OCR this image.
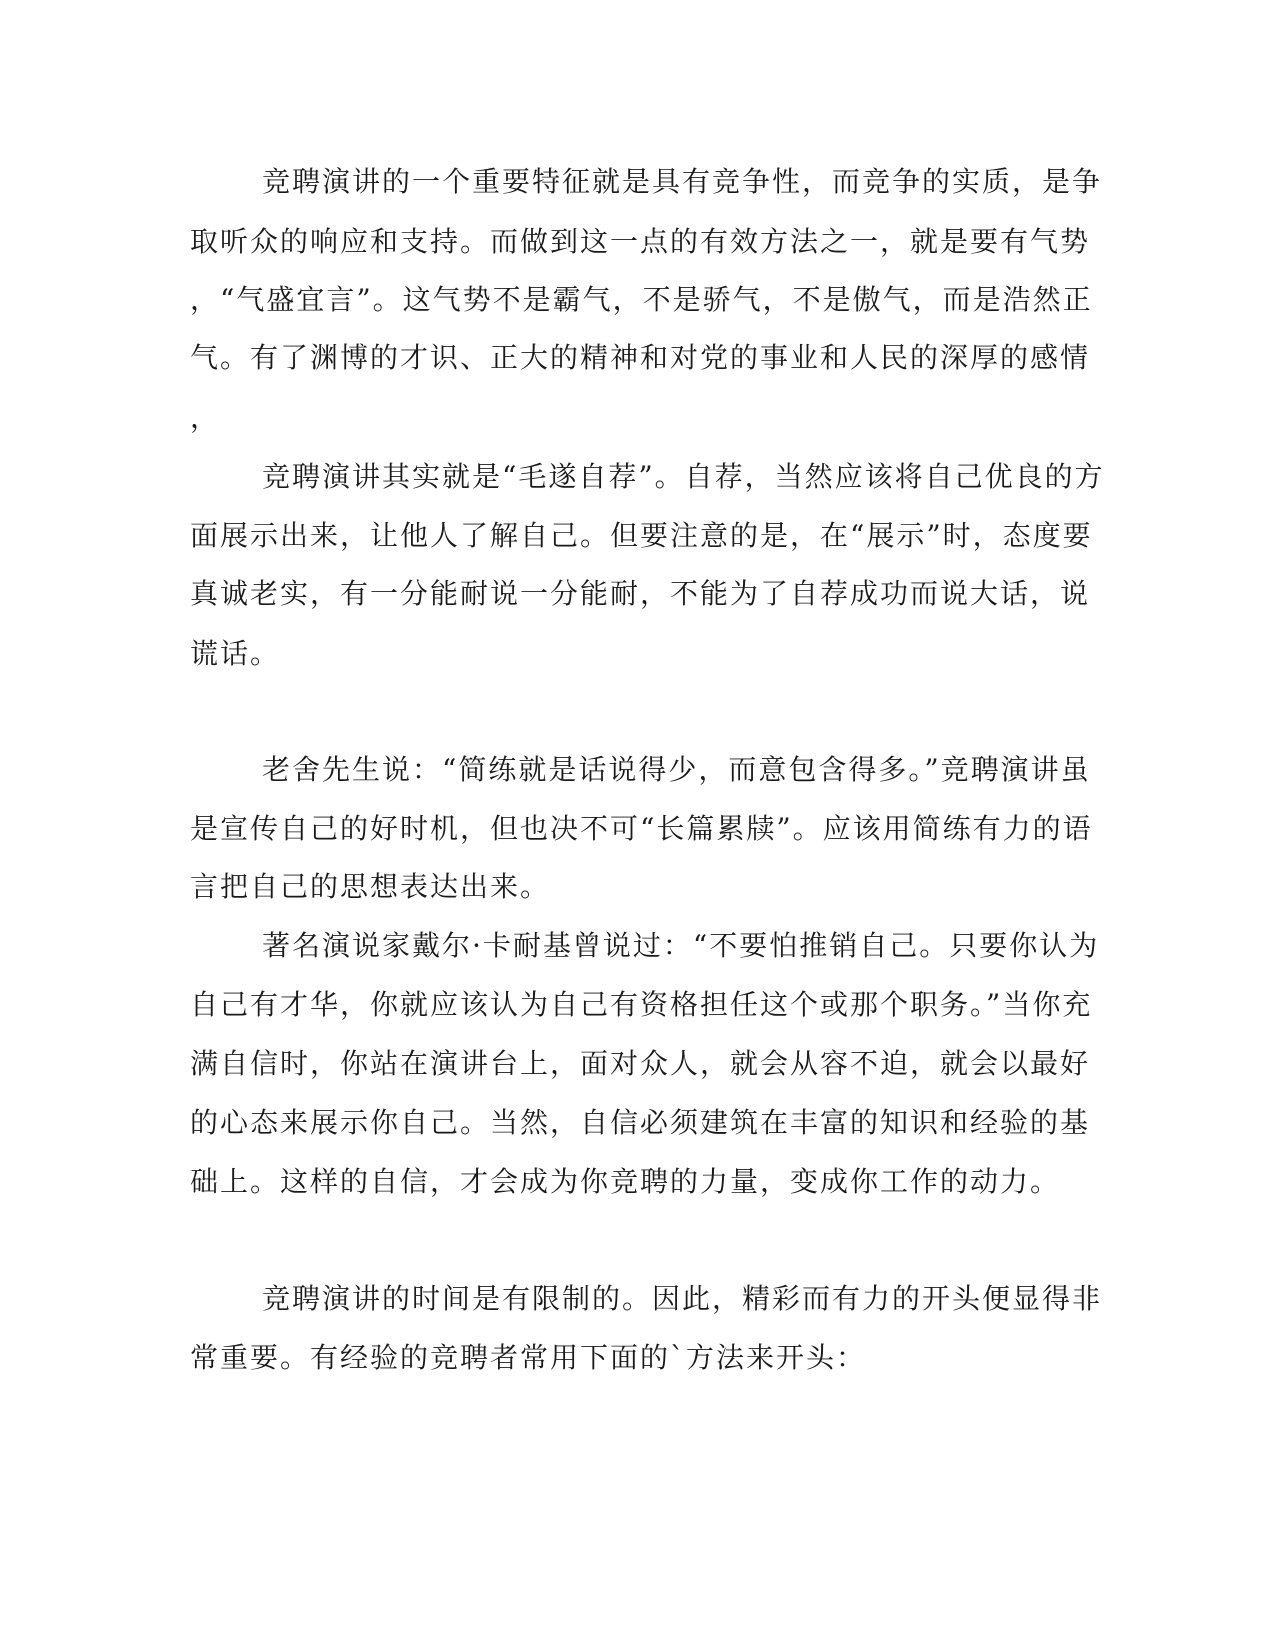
竞聘演讲的一个重要特征就是具有竞争性，而竞争的实质，是争
取听众的响应和支持。而做到这一点的有效方法之一，就是要有气势
，“气盛宜言”。这气势不是霸气，不是骄气，不是傲气，而是浩然正
气。有了渊博的才识、正大的精神和对党的事业和人民的深厚的感情
，
竞聘演讲其实就是“毛遂自荐”。自荐，当然应该将自己优良的方
面展示出来，让他人了解自己。但要注意的是，在“展示”时，态度要
真诚老实，有一分能耐说一分能耐，不能为了自荐成功而说大话，说
谎话。
老舍先生说：“简练就是话说得少，而意包含得多。”竞聘演讲虽
是宣传自己的好时机，但也决不可“长篇累牍”。应该用简练有力的语
言把自己的思想表达出来。
著名演说家戴尔·卡耐基曾说过：“不要怕推销自己。只要你认为
自己有才华，你就应该认为自己有资格担任这个或那个职务。”当你充
满自信时，你站在演讲台上，面对众人，就会从容不迫，就会以最好
的心态来展示你自己。当然，自信必须建筑在丰富的知识和经验的基
础上。这样的自信，才会成为你竞聘的力量，变成你工作的动力。
竞聘演讲的时间是有限制的。因此，精彩而有力的开头便显得非
常重要。有经验的竞聘者常用下面的`方法来开头：
